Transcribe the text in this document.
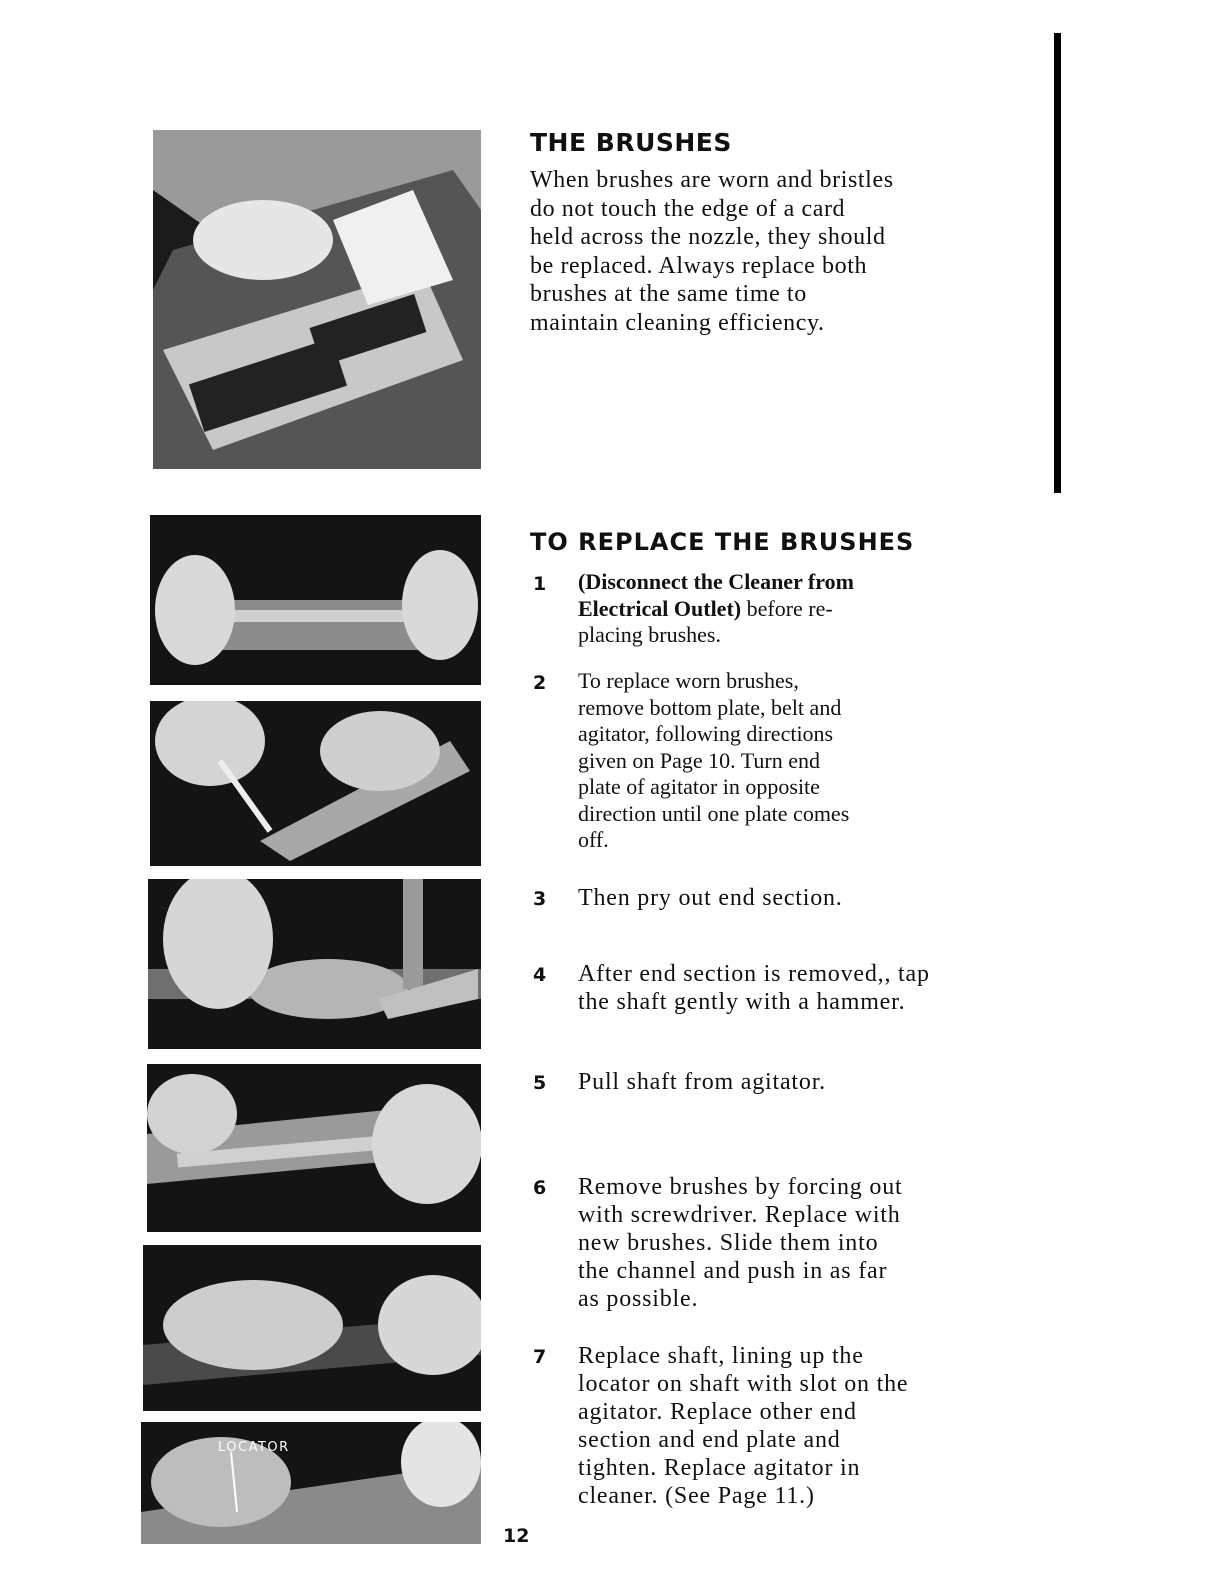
LOCATOR
THE BRUSHES
When brushes are worn and bristles
do not touch the edge of a card
held across the nozzle, they should
be replaced. Always replace both
brushes at the same time to
maintain cleaning efficiency.
TO REPLACE THE BRUSHES
1 (Disconnect the Cleaner from
Electrical Outlet) before re-
placing brushes.
2 To replace worn brushes,
remove bottom plate, belt and
agitator, following directions
given on Page 10. Turn end
plate of agitator in opposite
direction until one plate comes
off.
3 Then pry out end section.
4 After end section is removed,, tap
the shaft gently with a hammer.
5 Pull shaft from agitator.
6 Remove brushes by forcing out
with screwdriver. Replace with
new brushes. Slide them into
the channel and push in as far
as possible.
7 Replace shaft, lining up the
locator on shaft with slot on the
agitator. Replace other end
section and end plate and
tighten. Replace agitator in
cleaner. (See Page 11.)
12
